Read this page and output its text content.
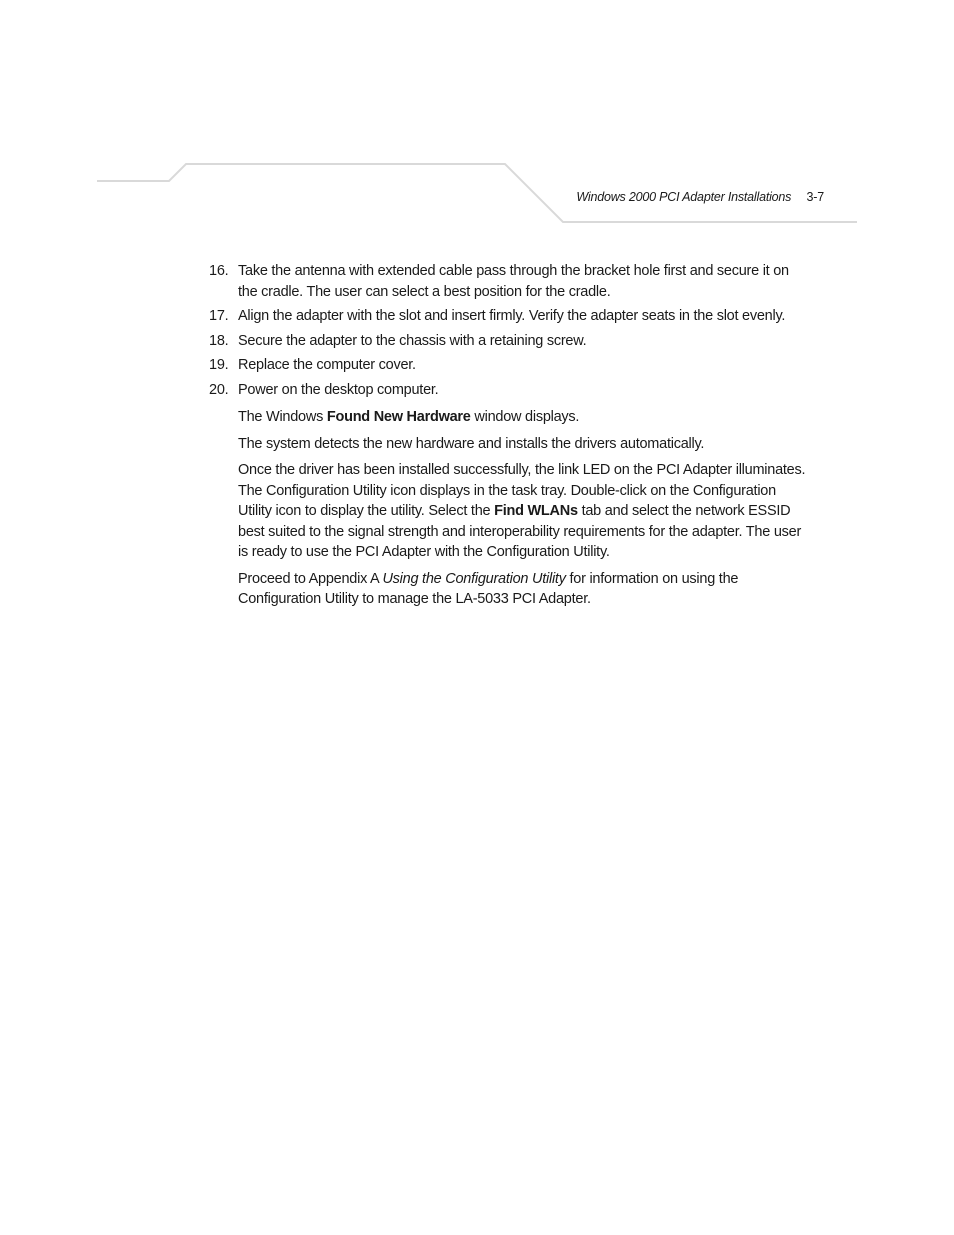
Windows 2000 PCI Adapter Installations 3-7
16. Take the antenna with extended cable pass through the bracket hole first and secure it on the cradle. The user can select a best position for the cradle.
17. Align the adapter with the slot and insert firmly. Verify the adapter seats in the slot evenly.
18. Secure the adapter to the chassis with a retaining screw.
19. Replace the computer cover.
20. Power on the desktop computer.
The Windows Found New Hardware window displays.
The system detects the new hardware and installs the drivers automatically.
Once the driver has been installed successfully, the link LED on the PCI Adapter illuminates. The Configuration Utility icon displays in the task tray. Double-click on the Configuration Utility icon to display the utility. Select the Find WLANs tab and select the network ESSID best suited to the signal strength and interoperability requirements for the adapter. The user is ready to use the PCI Adapter with the Configuration Utility.
Proceed to Appendix A Using the Configuration Utility for information on using the Configuration Utility to manage the LA-5033 PCI Adapter.
